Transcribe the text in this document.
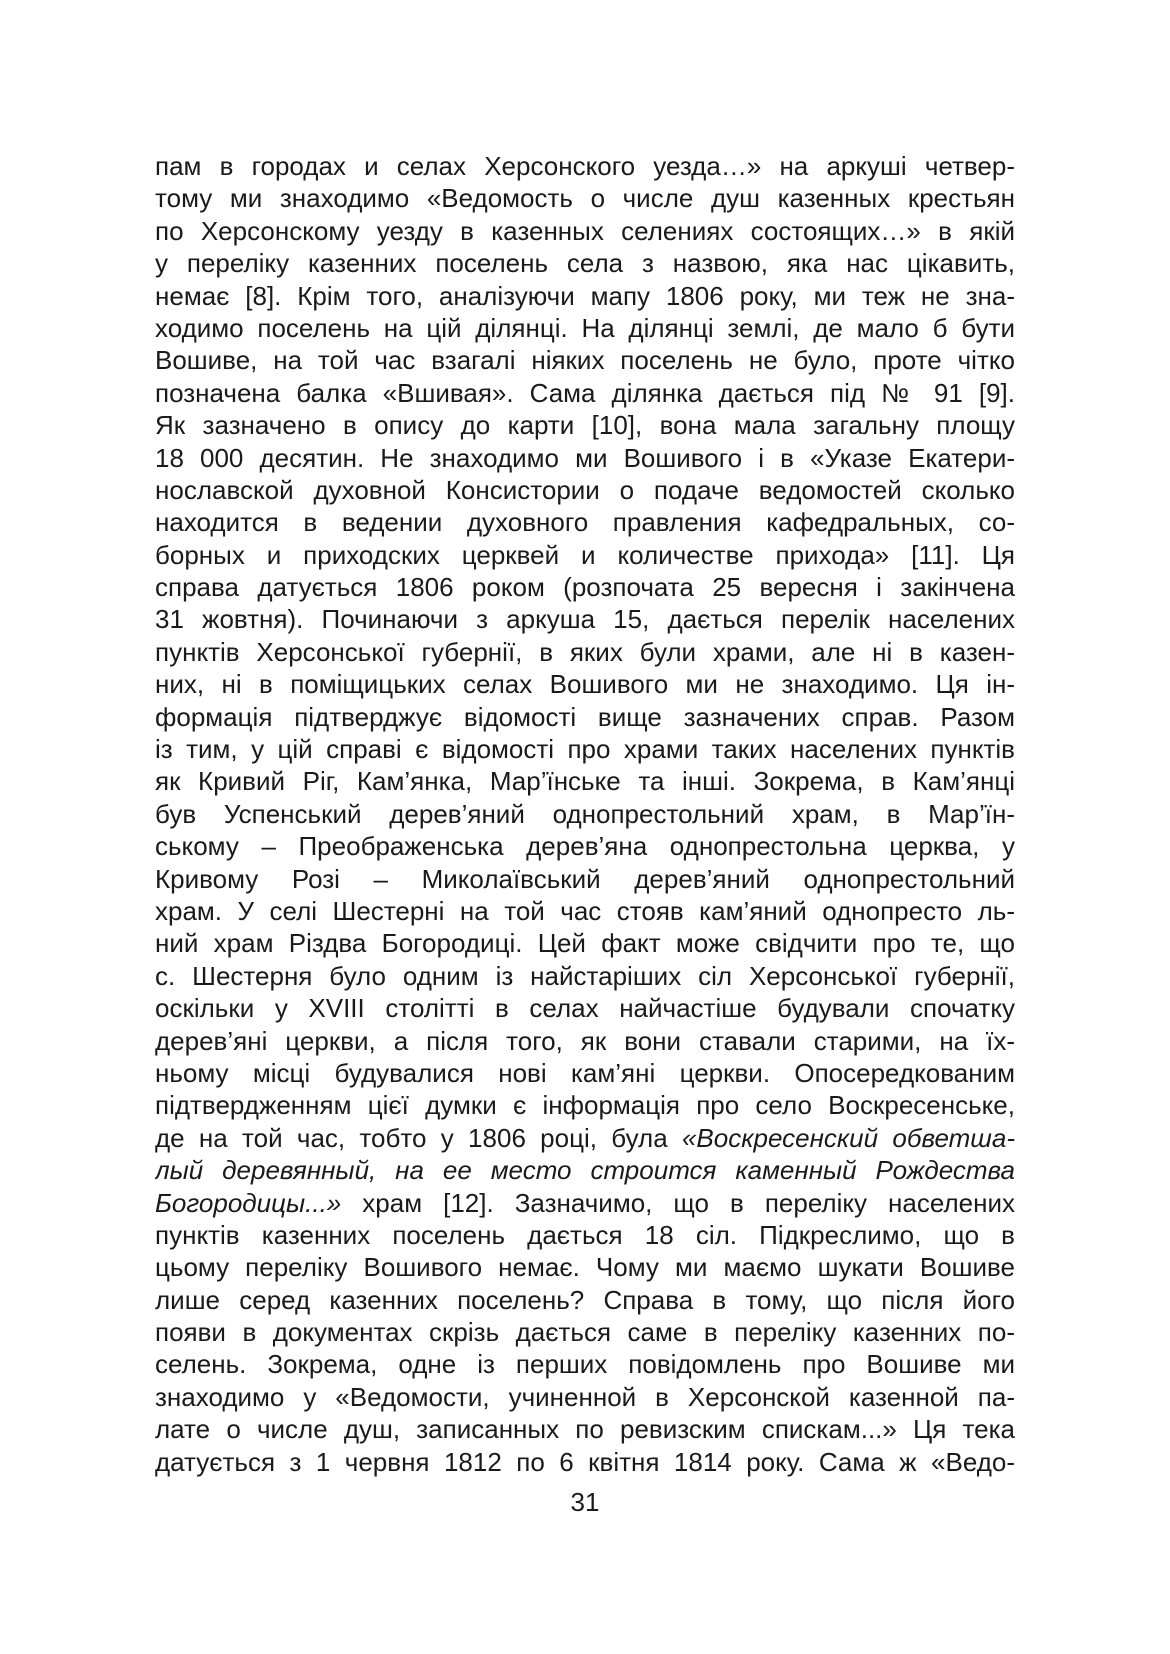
пам в городах и селах Херсонского уезда…» на аркуші четвер-
тому ми знаходимо «Ведомость о числе душ казенных крестьян
по Херсонскому уезду в казенных селениях состоящих…» в якій
у переліку казенних поселень села з назвою, яка нас цікавить,
немає [8]. Крім того, аналізуючи мапу 1806 року, ми теж не зна-
ходимо поселень на цій ділянці. На ділянці землі, де мало б бути
Вошиве, на той час взагалі ніяких поселень не було, проте чітко
позначена балка «Вшивая». Сама ділянка дається під № 91 [9].
Як зазначено в опису до карти [10], вона мала загальну площу
18 000 десятин. Не знаходимо ми Вошивого і в «Указе Екатери-
нославской духовной Консистории о подаче ведомостей сколько
находится в ведении духовного правления кафедральных, со-
борных и приходских церквей и количестве прихода» [11]. Ця
справа датується 1806 роком (розпочата 25 вересня і закінчена
31 жовтня). Починаючи з аркуша 15, дається перелік населених
пунктів Херсонської губернії, в яких були храми, але ні в казен-
них, ні в поміщицьких селах Вошивого ми не знаходимо. Ця ін-
формація підтверджує відомості вище зазначених справ. Разом
із тим, у цій справі є відомості про храми таких населених пунктів
як Кривий Ріг, Кам’янка, Мар’їнське та інші. Зокрема, в Кам’янці
був Успенський дерев’яний однопрестольний храм, в Мар’їн-
ському – Преображенська дерев’яна однопрестольна церква, у
Кривому Розі – Миколаївський дерев’яний однопрестольний
храм. У селі Шестерні на той час стояв кам’яний однопресто ль-
ний храм Різдва Богородиці. Цей факт може свідчити про те, що
с. Шестерня було одним із найстаріших сіл Херсонської губернії,
оскільки у XVIII столітті в селах найчастіше будували спочатку
дерев’яні церкви, а після того, як вони ставали старими, на їх-
ньому місці будувалися нові кам’яні церкви. Опосередкованим
підтвердженням цієї думки є інформація про село Воскресенське,
де на той час, тобто у 1806 році, була «Воскресенский обветша-
лый деревянный, на ее место строится каменный Рождества
Богородицы...» храм [12]. Зазначимо, що в переліку населених
пунктів казенних поселень дається 18 сіл. Підкреслимо, що в
цьому переліку Вошивого немає. Чому ми маємо шукати Вошиве
лише серед казенних поселень? Справа в тому, що після його
появи в документах скрізь дається саме в переліку казенних по-
селень. Зокрема, одне із перших повідомлень про Вошиве ми
знаходимо у «Ведомости, учиненной в Херсонской казенной па-
лате о числе душ, записанных по ревизским спискам...» Ця тека
датується з 1 червня 1812 по 6 квітня 1814 року. Сама ж «Ведо-
31
